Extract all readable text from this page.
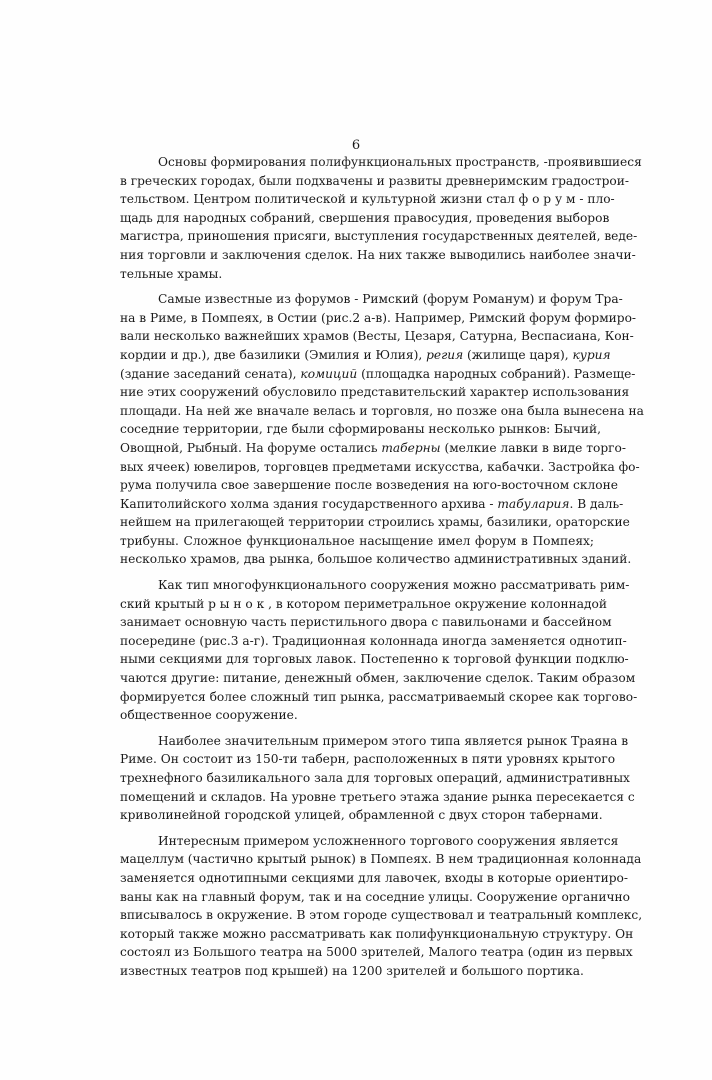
6
Основы формирования полифункциональных пространств, -проявившиеся
в греческих городах, были подхвачены и развиты древнеримским градострои-
тельством. Центром политической и культурной жизни стал ф о р у м - пло-
щадь для народных собраний, свершения правосудия, проведения выборов
магистра, приношения присяги, выступления государственных деятелей, веде-
ния торговли и заключения сделок. На них также выводились наиболее значи-
тельные храмы.
Самые известные из форумов - Римский (форум Романум) и форум Тра-
на в Риме, в Помпеях, в Остии (рис.2 а-в). Например, Римский форум формиро-
вали несколько важнейших храмов (Весты, Цезаря, Сатурна, Веспасиана, Кон-
кордии и др.), две базилики (Эмилия и Юлия), регия (жилище царя), курия
(здание заседаний сената), комиций (площадка народных собраний). Размеще-
ние этих сооружений обусловило представительский характер использования
площади. На ней же вначале велась и торговля, но позже она была вынесена на
соседние территории, где были сформированы несколько рынков: Бычий,
Овощной, Рыбный. На форуме остались таберны (мелкие лавки в виде торго-
вых ячеек) ювелиров, торговцев предметами искусства, кабачки. Застройка фо-
рума получила свое завершение после возведения на юго-восточном склоне
Капитолийского холма здания государственного архива - табулария. В даль-
нейшем на прилегающей территории строились храмы, базилики, ораторские
трибуны. Сложное функциональное насыщение имел форум в Помпеях;
несколько храмов, два рынка, большое количество административных зданий.
Как тип многофункционального сооружения можно рассматривать рим-
ский крытый р ы н о к , в котором периметральное окружение колоннадой
занимает основную часть перистильного двора с павильонами и бассейном
посередине (рис.3 а-г). Традиционная колоннада иногда заменяется однотип-
ными секциями для торговых лавок. Постепенно к торговой функции подклю-
чаются другие: питание, денежный обмен, заключение сделок. Таким образом
формируется более сложный тип рынка, рассматриваемый скорее как торгово-
общественное сооружение.
Наиболее значительным примером этого типа является рынок Траяна в
Риме. Он состоит из 150-ти таберн, расположенных в пяти уровнях крытого
трехнефного базиликального зала для торговых операций, административных
помещений и складов. На уровне третьего этажа здание рынка пересекается с
криволинейной городской улицей, обрамленной с двух сторон табернами.
Интересным примером усложненного торгового сооружения является
мацеллум (частично крытый рынок) в Помпеях. В нем традиционная колоннада
заменяется однотипными секциями для лавочек, входы в которые ориентиро-
ваны как на главный форум, так и на соседние улицы. Сооружение органично
вписывалось в окружение. В этом городе существовал и театральный комплекс,
который также можно рассматривать как полифункциональную структуру. Он
состоял из Большого театра на 5000 зрителей, Малого театра (один из первых
известных театров под крышей) на 1200 зрителей и большого портика.
